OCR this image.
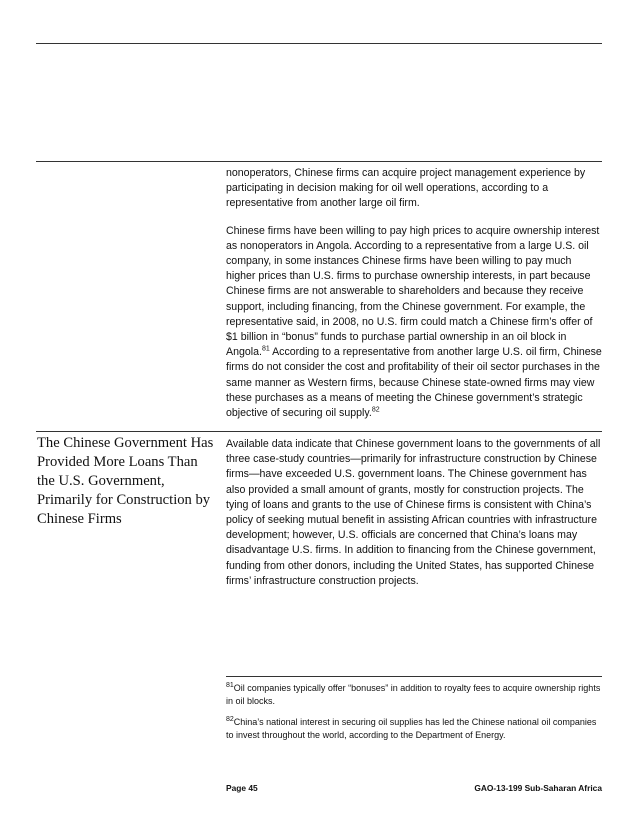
nonoperators, Chinese firms can acquire project management experience by participating in decision making for oil well operations, according to a representative from another large oil firm.

Chinese firms have been willing to pay high prices to acquire ownership interest as nonoperators in Angola. According to a representative from a large U.S. oil company, in some instances Chinese firms have been willing to pay much higher prices than U.S. firms to purchase ownership interests, in part because Chinese firms are not answerable to shareholders and because they receive support, including financing, from the Chinese government. For example, the representative said, in 2008, no U.S. firm could match a Chinese firm’s offer of $1 billion in “bonus” funds to purchase partial ownership in an oil block in Angola.$^{81}$ According to a representative from another large U.S. oil firm, Chinese firms do not consider the cost and profitability of their oil sector purchases in the same manner as Western firms, because Chinese state-owned firms may view these purchases as a means of meeting the Chinese government’s strategic objective of securing oil supply.$^{82}$

The Chinese Government Has Provided More Loans Than the U.S. Government, Primarily for Construction by Chinese Firms

Available data indicate that Chinese government loans to the governments of all three case-study countries—primarily for infrastructure construction by Chinese firms—have exceeded U.S. government loans. The Chinese government has also provided a small amount of grants, mostly for construction projects. The tying of loans and grants to the use of Chinese firms is consistent with China’s policy of seeking mutual benefit in assisting African countries with infrastructure development; however, U.S. officials are concerned that China’s loans may disadvantage U.S. firms. In addition to financing from the Chinese government, funding from other donors, including the United States, has supported Chinese firms’ infrastructure construction projects.

$^{81}$Oil companies typically offer “bonuses” in addition to royalty fees to acquire ownership rights in oil blocks.

$^{82}$China’s national interest in securing oil supplies has led the Chinese national oil companies to invest throughout the world, according to the Department of Energy.

Page 45	GAO-13-199 Sub-Saharan Africa
